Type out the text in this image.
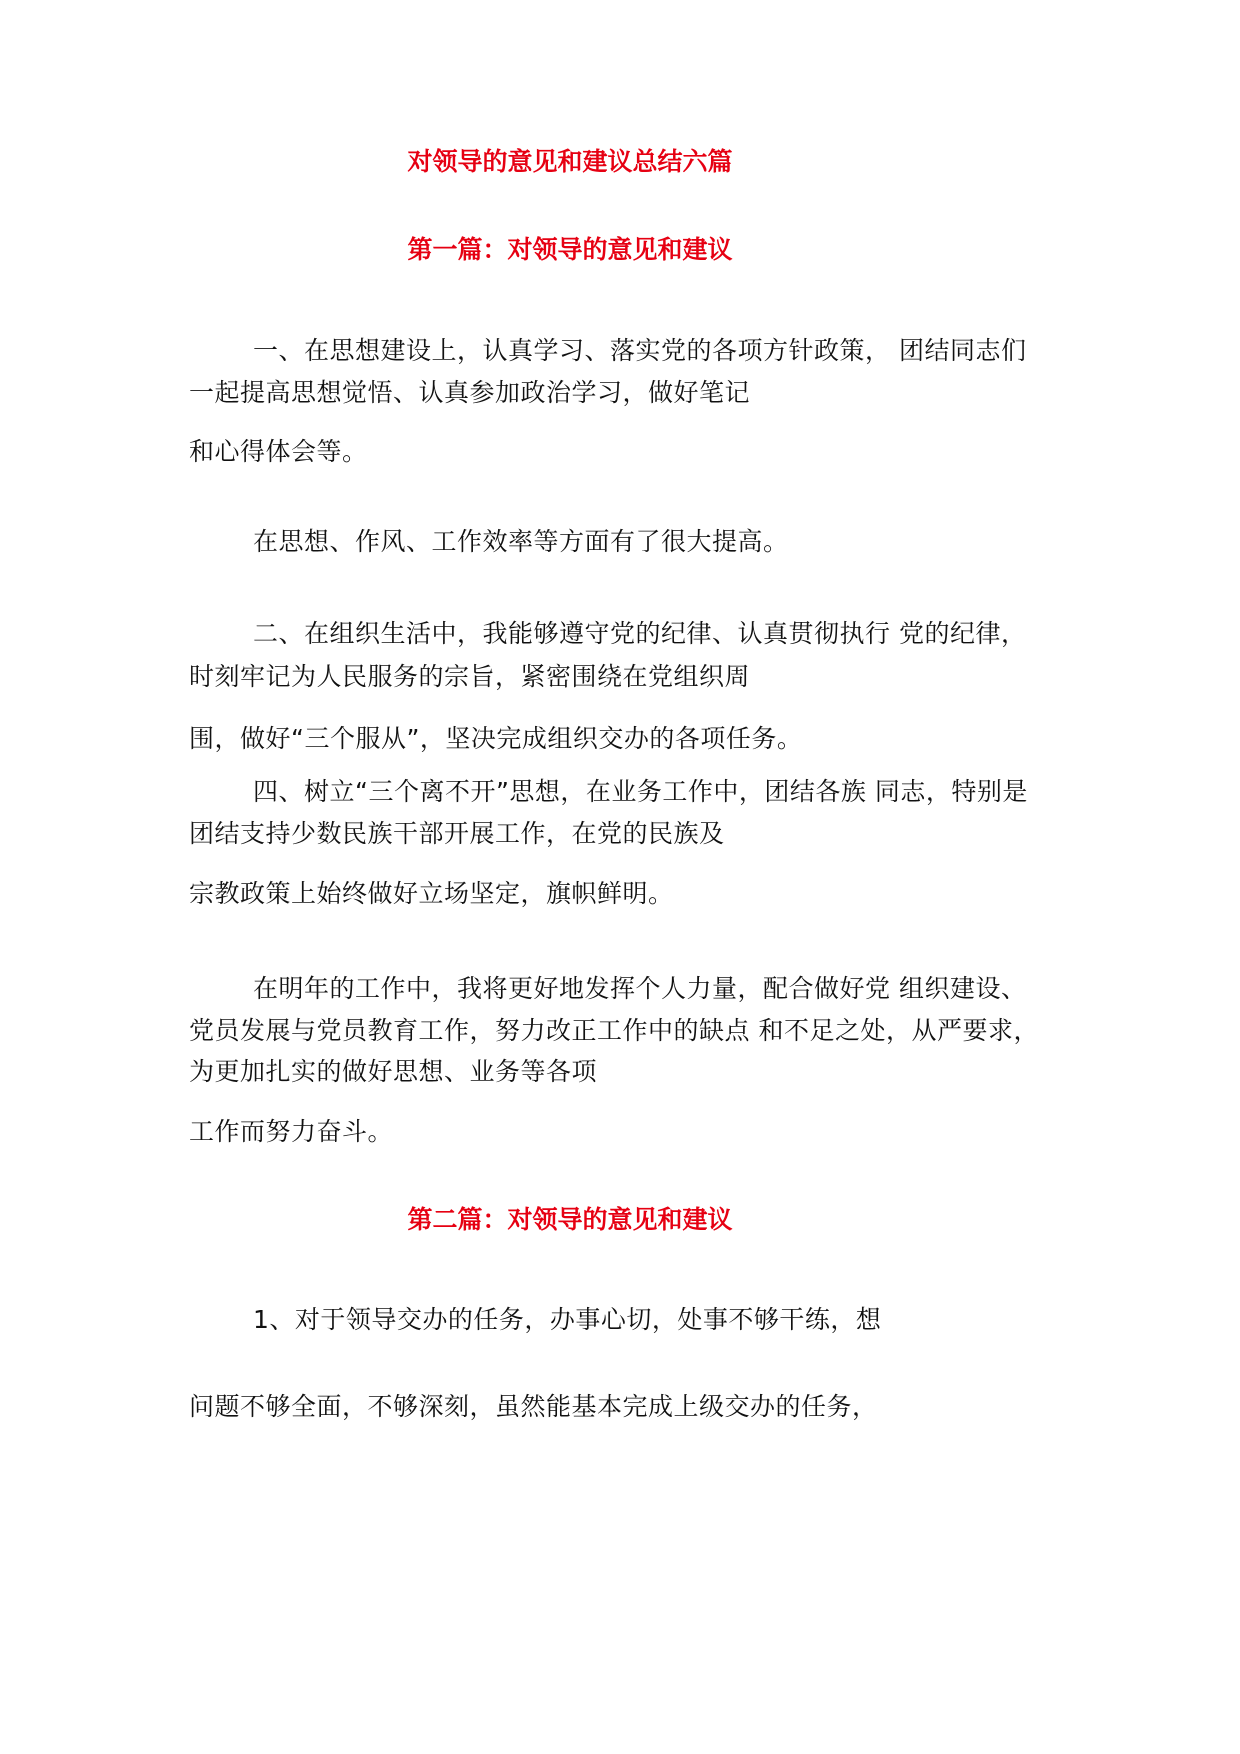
对领导的意见和建议总结六篇
第一篇：对领导的意见和建议
一、在思想建设上，认真学习、落实党的各项方针政策， 团结同志们
一起提高思想觉悟、认真参加政治学习，做好笔记
和心得体会等。
在思想、作风、工作效率等方面有了很大提高。
二、在组织生活中，我能够遵守党的纪律、认真贯彻执行 党的纪律，
时刻牢记为人民服务的宗旨，紧密围绕在党组织周
围，做好“三个服从”，坚决完成组织交办的各项任务。
四、树立“三个离不开”思想，在业务工作中，团结各族 同志，特别是
团结支持少数民族干部开展工作，在党的民族及
宗教政策上始终做好立场坚定，旗帜鲜明。
在明年的工作中，我将更好地发挥个人力量，配合做好党 组织建设、
党员发展与党员教育工作，努力改正工作中的缺点 和不足之处，从严要求，
为更加扎实的做好思想、业务等各项
工作而努力奋斗。
第二篇：对领导的意见和建议
1、对于领导交办的任务，办事心切，处事不够干练，想
问题不够全面，不够深刻，虽然能基本完成上级交办的任务，
